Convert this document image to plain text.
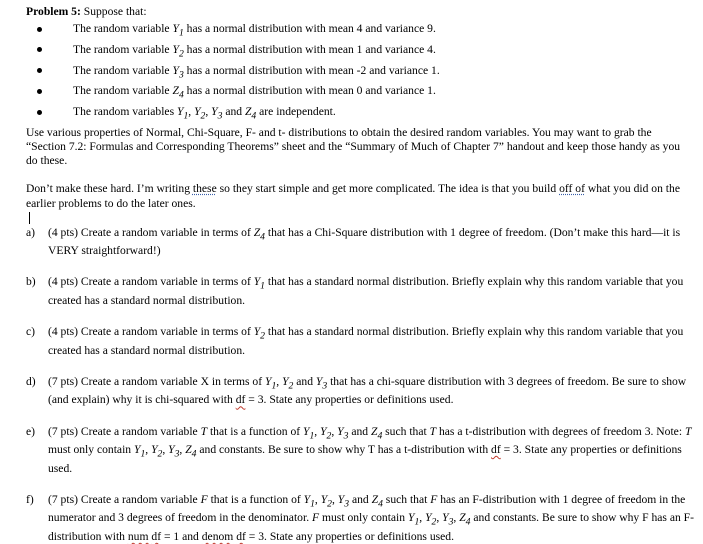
Problem 5: Suppose that:

The random variable $Y_1$ has a normal distribution with mean 4 and variance 9.
The random variable $Y_2$ has a normal distribution with mean 1 and variance 4.
The random variable $Y_3$ has a normal distribution with mean -2 and variance 1.
The random variable $Z_4$ has a normal distribution with mean 0 and variance 1.
The random variables $Y_1$, $Y_2$, $Y_3$ and $Z_4$ are independent.

Use various properties of Normal, Chi-Square, F- and t- distributions to obtain the desired random variables. You may want to grab the “Section 7.2: Formulas and Corresponding Theorems” sheet and the “Summary of Much of Chapter 7” handout and keep those handy as you do these.

Don’t make these hard. I’m writing these so they start simple and get more complicated. The idea is that you build off of what you did on the earlier problems to do the later ones.

a) (4 pts) Create a random variable in terms of $Z_4$ that has a Chi-Square distribution with 1 degree of freedom. (Don’t make this hard—it is VERY straightforward!)

b) (4 pts) Create a random variable in terms of $Y_1$ that has a standard normal distribution. Briefly explain why this random variable that you created has a standard normal distribution.

c) (4 pts) Create a random variable in terms of $Y_2$ that has a standard normal distribution. Briefly explain why this random variable that you created has a standard normal distribution.

d) (7 pts) Create a random variable X in terms of $Y_1$, $Y_2$ and $Y_3$ that has a chi-square distribution with 3 degrees of freedom. Be sure to show (and explain) why it is chi-squared with df = 3. State any properties or definitions used.

e) (7 pts) Create a random variable T that is a function of $Y_1$, $Y_2$, $Y_3$ and $Z_4$ such that T has a t-distribution with degrees of freedom 3. Note: T must only contain $Y_1$, $Y_2$, $Y_3$, $Z_4$ and constants. Be sure to show why T has a t-distribution with df = 3. State any properties or definitions used.

f) (7 pts) Create a random variable F that is a function of $Y_1$, $Y_2$, $Y_3$ and $Z_4$ such that F has an F-distribution with 1 degree of freedom in the numerator and 3 degrees of freedom in the denominator. F must only contain $Y_1$, $Y_2$, $Y_3$, $Z_4$ and constants. Be sure to show why F has an F-distribution with num df = 1 and denom df = 3. State any properties or definitions used.
